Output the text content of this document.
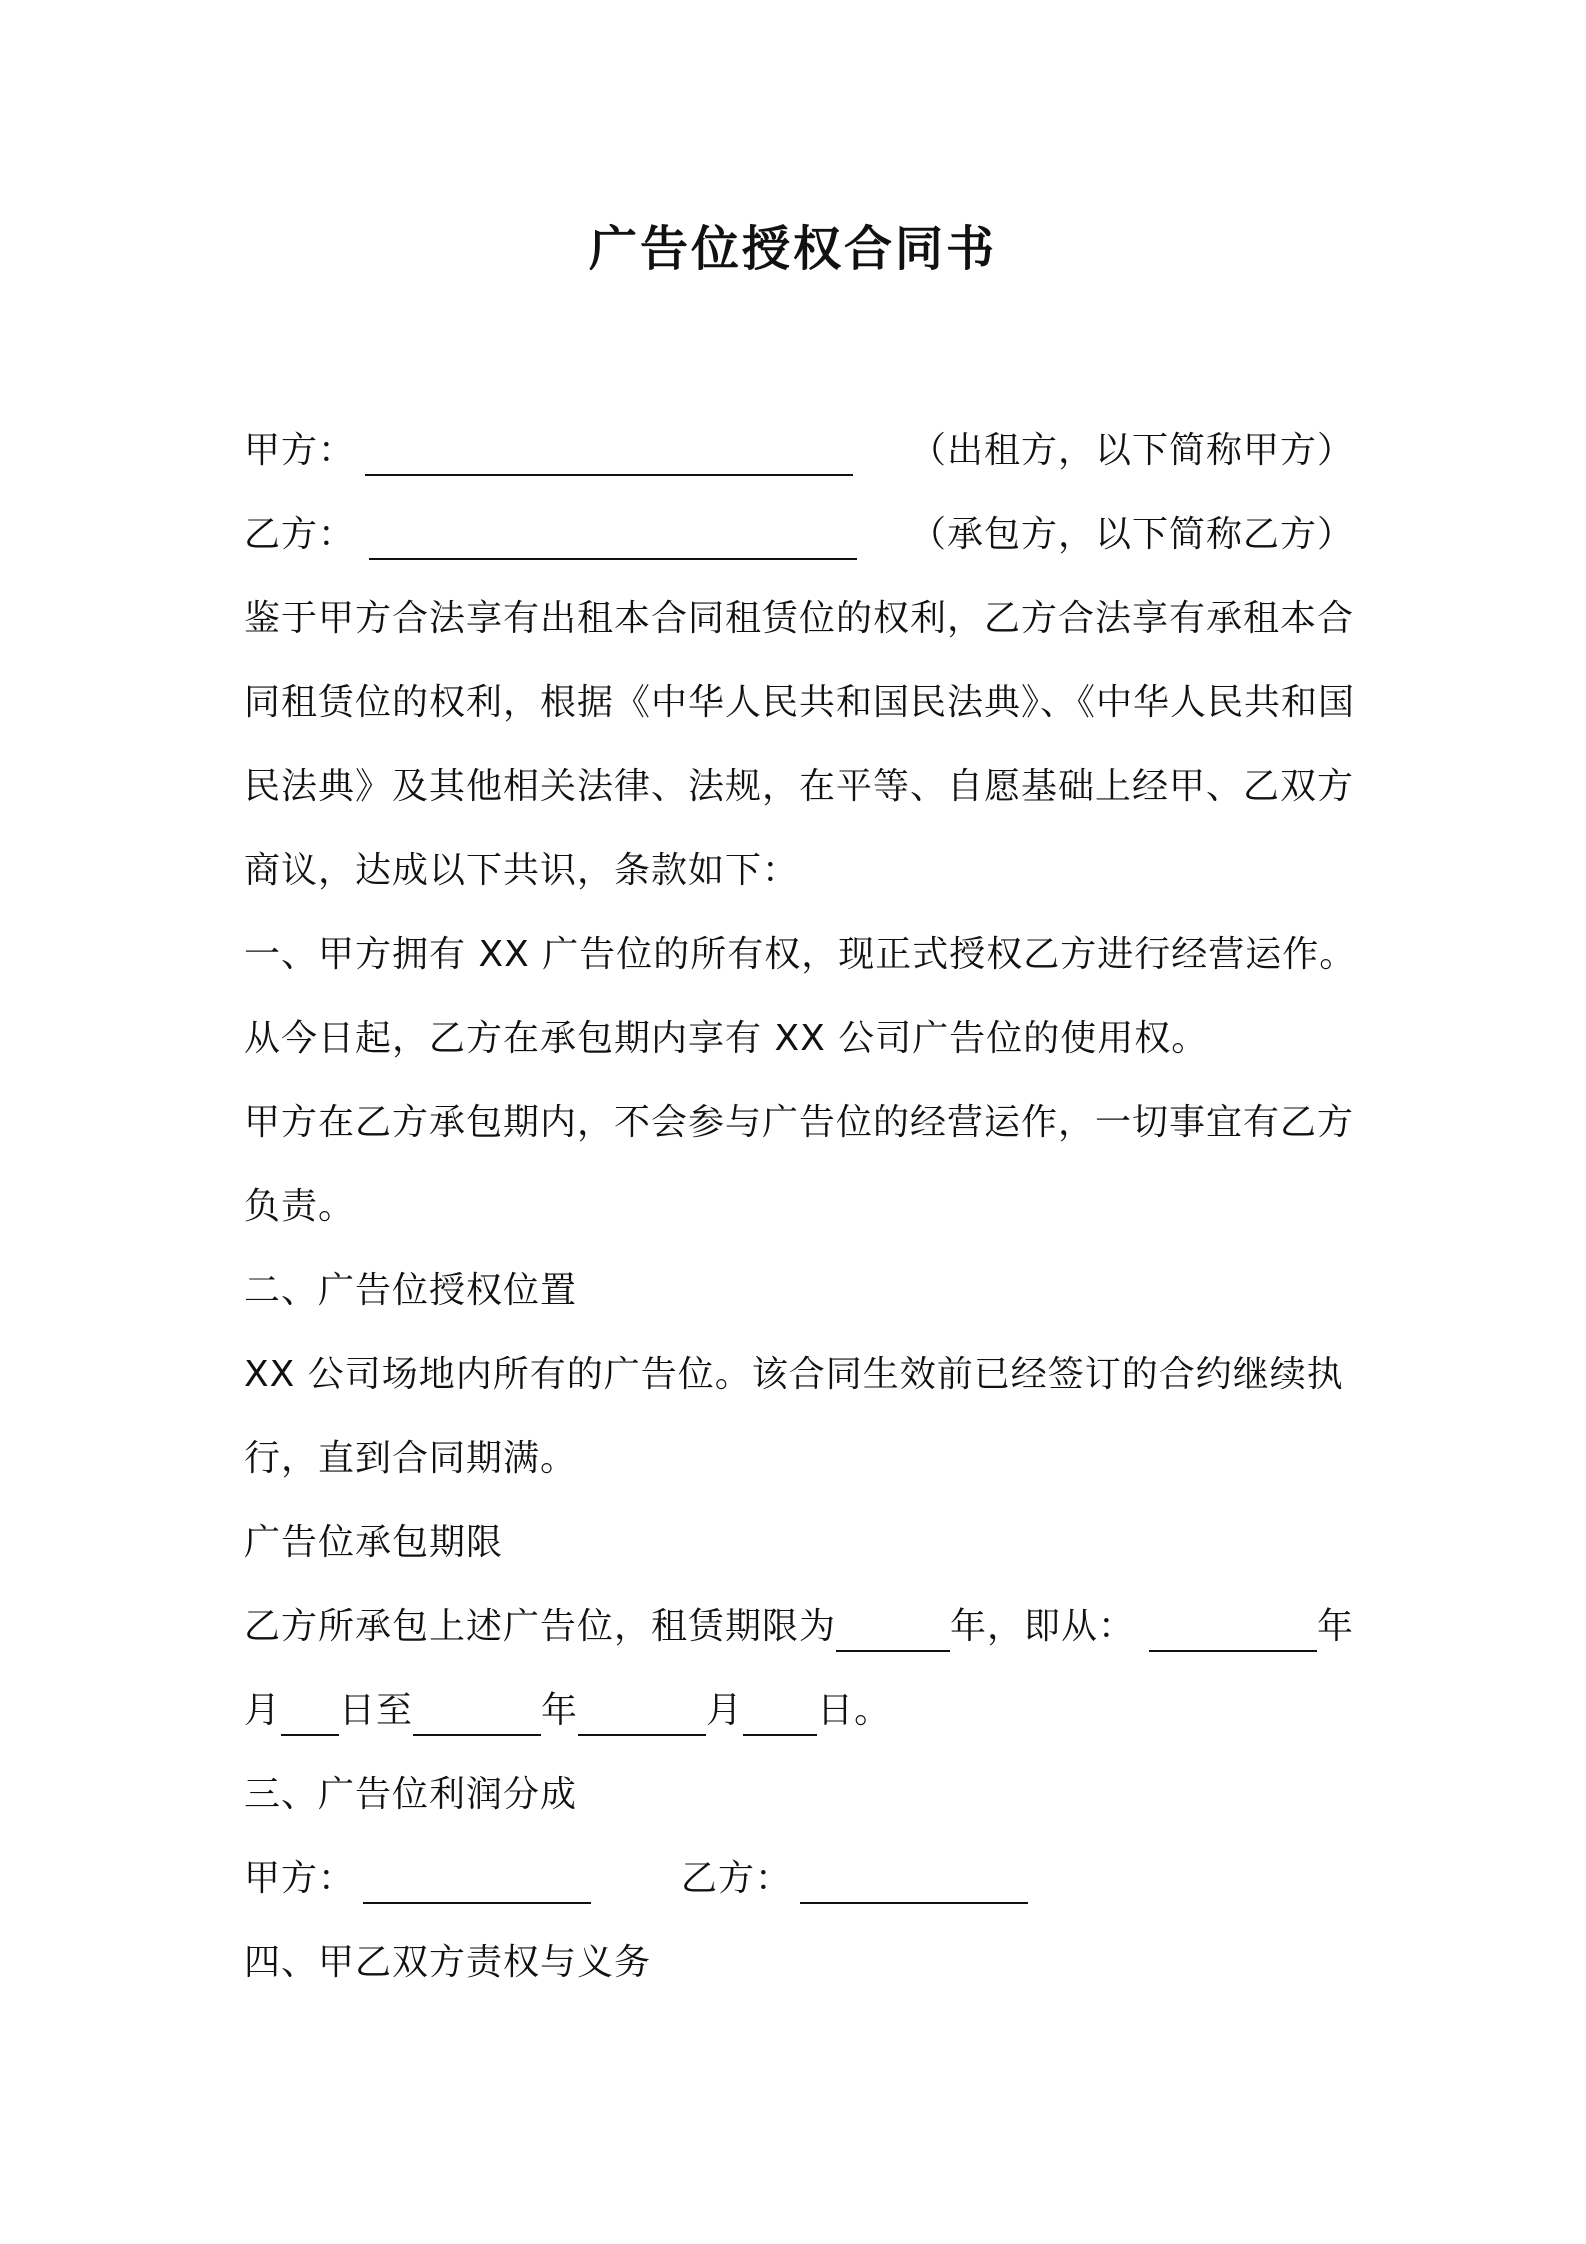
广告位授权合同书
甲方：	（出租方，以下简称甲方）
乙方：	（承包方，以下简称乙方）
鉴于甲方合法享有出租本合同租赁位的权利，乙方合法享有承租本合
同租赁位的权利，根据《中华人民共和国民法典》、《中华人民共和国
民法典》及其他相关法律、法规，在平等、自愿基础上经甲、乙双方
商议，达成以下共识，条款如下：
一、甲方拥有 XX 广告位的所有权，现正式授权乙方进行经营运作。
从今日起，乙方在承包期内享有 XX 公司广告位的使用权。
甲方在乙方承包期内，不会参与广告位的经营运作，一切事宜有乙方
负责。
二、广告位授权位置
XX 公司场地内所有的广告位。该合同生效前已经签订的合约继续执
行，直到合同期满。
广告位承包期限
乙方所承包上述广告位，租赁期限为	年，即从：	年
月 日至	年	月 日。
三、广告位利润分成
甲方：	乙方：
四、甲乙双方责权与义务
